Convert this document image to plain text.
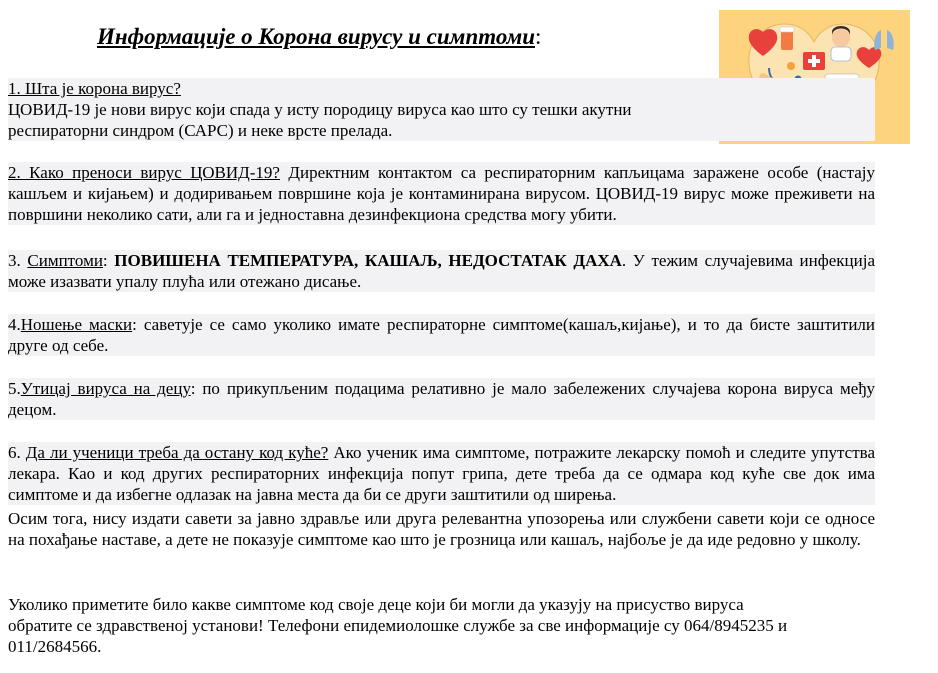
Информације о Корона вирусу и симптоми:
1. Шта је корона вирус?
ЦОВИД-19 је нови вирус који спада у исту породицу вируса као што су тешки акутни
респираторни синдром (САРС) и неке врсте прелада.
2. Како преноси вирус ЦОВИД-19? Директним контактом са респираторним капљицама заражене особе (настају кашљем и кијањем) и додиривањем површине која је контаминирана вирусом. ЦОВИД-19 вирус може преживети на површини неколико сати, али га и једноставна дезинфекциона средства могу убити.
3. Симптоми: ПОВИШЕНА ТЕМПЕРАТУРА, КАШАЉ, НЕДОСТАТАК ДАХА. У тежим случајевима инфекција може изазвати упалу плућа или отежано дисање.
4.Ношење маски: саветује се само уколико имате респираторне симптоме(кашаљ,кијање), и то да бисте заштитили друге од себе.
5.Утицај вируса на децу: по прикупљеним подацима релативно је мало забележених случајева корона вируса међу децом.
6. Да ли ученици треба да остану код куће? Ако ученик има симптоме, потражите лекарску помоћ и следите упутства лекара. Као и код других респираторних инфекција попут грипа, дете треба да се одмара код куће све док има симптоме и да избегне одлазак на јавна места да би се други заштитили од ширења.
Осим тога, нису издати савети за јавно здравље или друга релевантна упозорења или службени савети који се односе на похађање наставе, а дете не показује симптоме као што је грозница или кашаљ, најбоље је да иде редовно у школу.
Уколико приметите било какве симптоме код своје деце који би могли да указују на присуство вируса
обратите се здравственој установи! Телефони епидемиолошке службе за све информације су 064/8945235 и
011/2684566.
